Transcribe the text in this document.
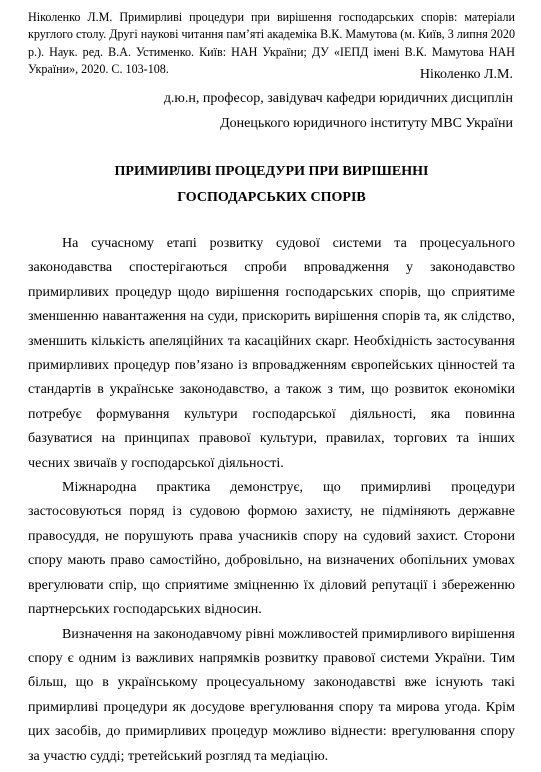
Ніколенко Л.М. Примирливі процедури при вирішення господарських спорів: матеріали круглого столу. Другі наукові читання пам’яті академіка В.К. Мамутова (м. Київ, 3 липня 2020 р.). Наук. ред. В.А. Устименко. Київ: НАН України; ДУ «ІЕПД імені В.К. Мамутова НАН України», 2020. С. 103-108.	Ніколенко Л.М.
д.ю.н, професор, завідувач кафедри юридичних дисциплін
Донецького юридичного інституту МВС України
ПРИМИРЛИВІ ПРОЦЕДУРИ ПРИ ВИРІШЕННІ
ГОСПОДАРСЬКИХ СПОРІВ

На сучасному етапі розвитку судової системи та процесуального законодавства спостерігаються спроби впровадження у законодавство примирливих процедур щодо вирішення господарських спорів, що сприятиме зменшенню навантаження на суди, прискорить вирішення спорів та, як слідство, зменшить кількість апеляційних та касаційних скарг. Необхідність застосування примирливих процедур пов’язано із впровадженням європейських цінностей та стандартів в українське законодавство, а також з тим, що розвиток економіки потребує формування культури господарської діяльності, яка повинна базуватися на принципах правової культури, правилах, торгових та інших чесних звичаїв у господарської діяльності.

Міжнародна практика демонструє, що примирливі процедури застосовуються поряд із судовою формою захисту, не підміняють державне правосуддя, не порушують права учасників спору на судовий захист. Сторони спору мають право самостійно, добровільно, на визначених обопільних умовах врегулювати спір, що сприятиме зміцненню їх діловий репутації і збереженню партнерських господарських відносин.

Визначення на законодавчому рівні можливостей примирливого вирішення спору є одним із важливих напрямків розвитку правової системи України. Тим більш, що в українському процесуальному законодавстві вже існують такі примирливі процедури як досудове врегулювання спору та мирова угода. Крім цих засобів, до примирливих процедур можливо віднести: врегулювання спору за участю судді; третейський розгляд та медіацію.
